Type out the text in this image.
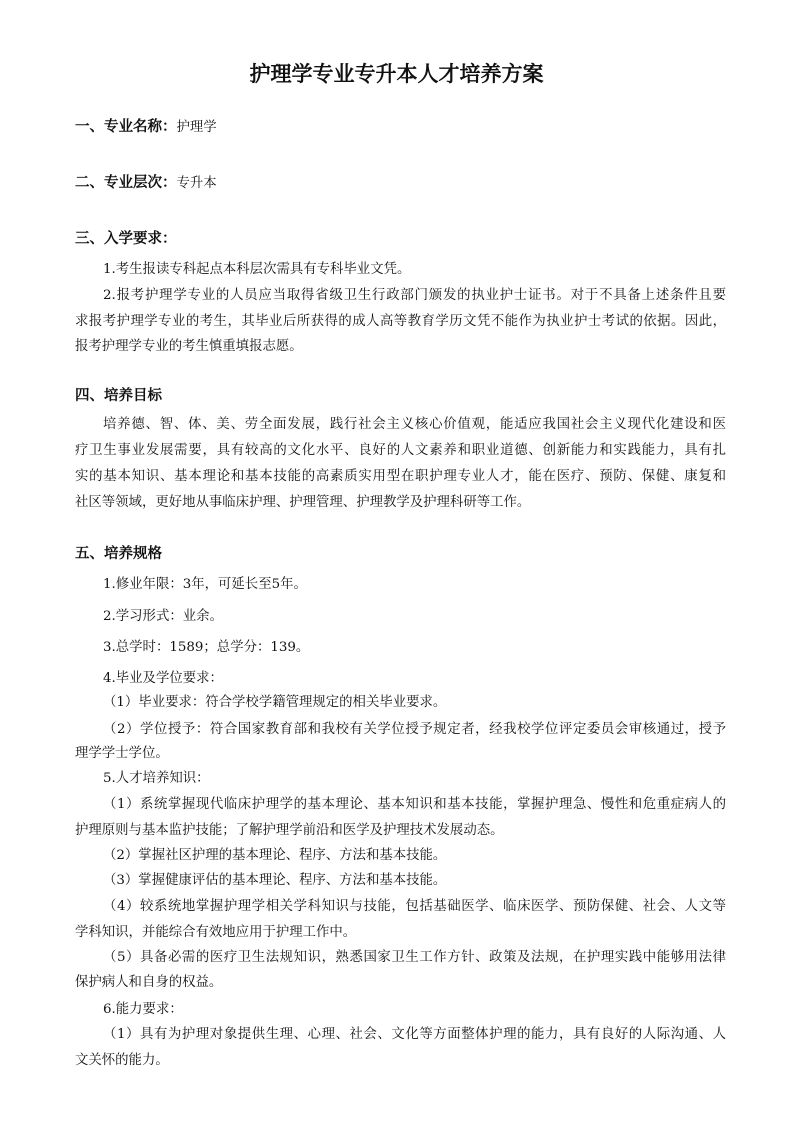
护理学专业专升本人才培养方案
一、专业名称：护理学
二、专业层次：专升本
三、入学要求：
1.考生报读专科起点本科层次需具有专科毕业文凭。
2.报考护理学专业的人员应当取得省级卫生行政部门颁发的执业护士证书。对于不具备上述条件且要
求报考护理学专业的考生，其毕业后所获得的成人高等教育学历文凭不能作为执业护士考试的依据。因此，
报考护理学专业的考生慎重填报志愿。
四、培养目标
培养德、智、体、美、劳全面发展，践行社会主义核心价值观，能适应我国社会主义现代化建设和医
疗卫生事业发展需要，具有较高的文化水平、良好的人文素养和职业道德、创新能力和实践能力，具有扎
实的基本知识、基本理论和基本技能的高素质实用型在职护理专业人才，能在医疗、预防、保健、康复和
社区等领域，更好地从事临床护理、护理管理、护理教学及护理科研等工作。
五、培养规格
1.修业年限：3年，可延长至5年。
2.学习形式：业余。
3.总学时：1589；总学分：139。
4.毕业及学位要求：
（1）毕业要求：符合学校学籍管理规定的相关毕业要求。
（2）学位授予：符合国家教育部和我校有关学位授予规定者，经我校学位评定委员会审核通过，授予
理学学士学位。
5.人才培养知识：
（1）系统掌握现代临床护理学的基本理论、基本知识和基本技能，掌握护理急、慢性和危重症病人的
护理原则与基本监护技能；了解护理学前沿和医学及护理技术发展动态。
（2）掌握社区护理的基本理论、程序、方法和基本技能。
（3）掌握健康评估的基本理论、程序、方法和基本技能。
（4）较系统地掌握护理学相关学科知识与技能，包括基础医学、临床医学、预防保健、社会、人文等
学科知识，并能综合有效地应用于护理工作中。
（5）具备必需的医疗卫生法规知识，熟悉国家卫生工作方针、政策及法规，在护理实践中能够用法律
保护病人和自身的权益。
6.能力要求：
（1）具有为护理对象提供生理、心理、社会、文化等方面整体护理的能力，具有良好的人际沟通、人
文关怀的能力。
